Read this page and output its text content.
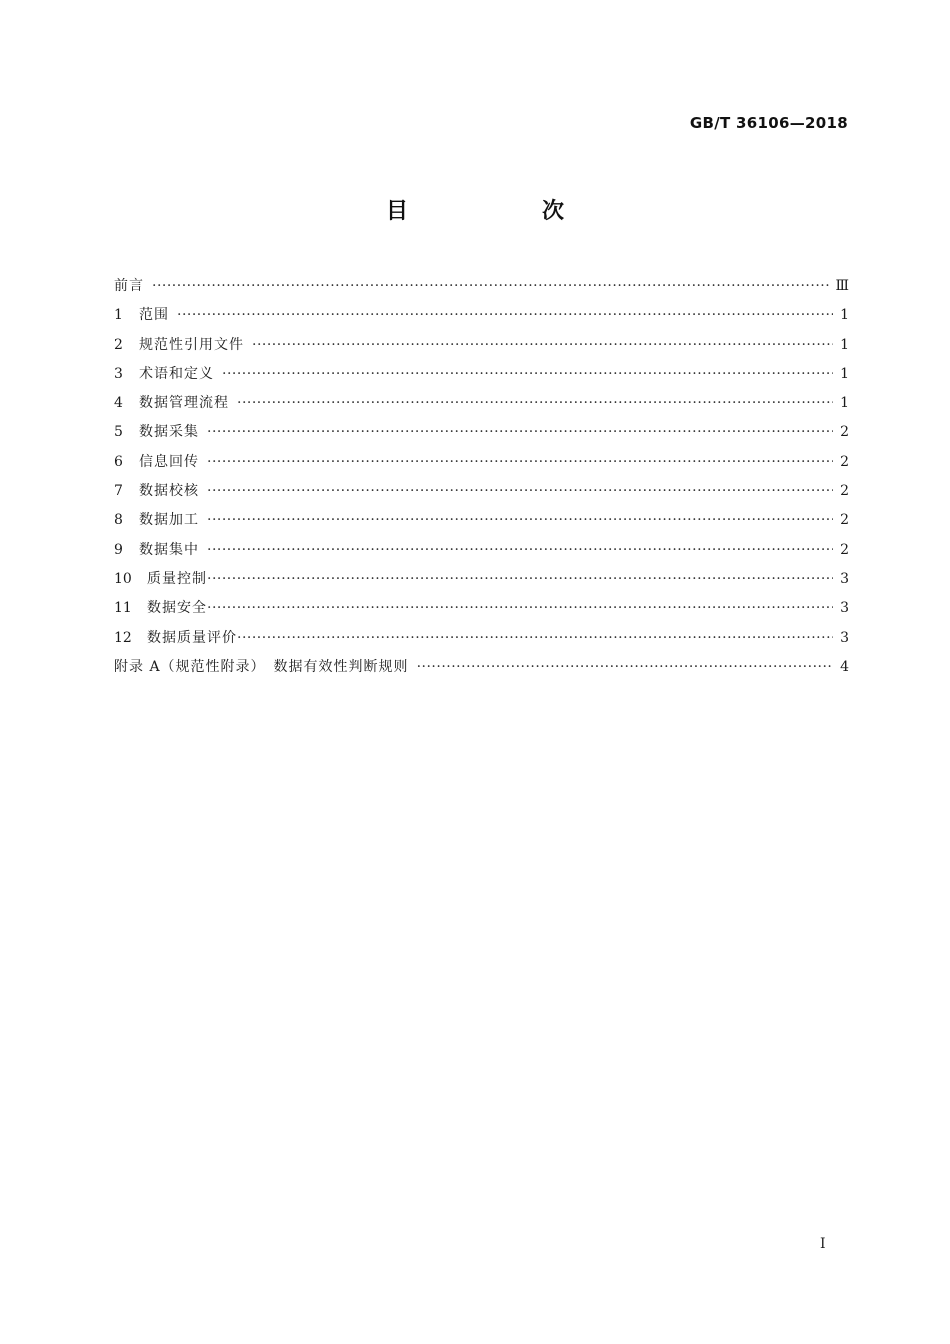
GB/T 36106—2018
目　次
前言 ·····	Ⅲ
1	范围 ·····	1
2	规范性引用文件 ·····	1
3	术语和定义 ·····	1
4	数据管理流程 ·····	1
5	数据采集 ·····	2
6	信息回传 ·····	2
7	数据校核 ·····	2
8	数据加工 ·····	2
9	数据集中 ·····	2
10	质量控制 ·····	3
11	数据安全 ·····	3
12	数据质量评价 ·····	3
附录 A（规范性附录）　数据有效性判断规则 ·····	4
I
